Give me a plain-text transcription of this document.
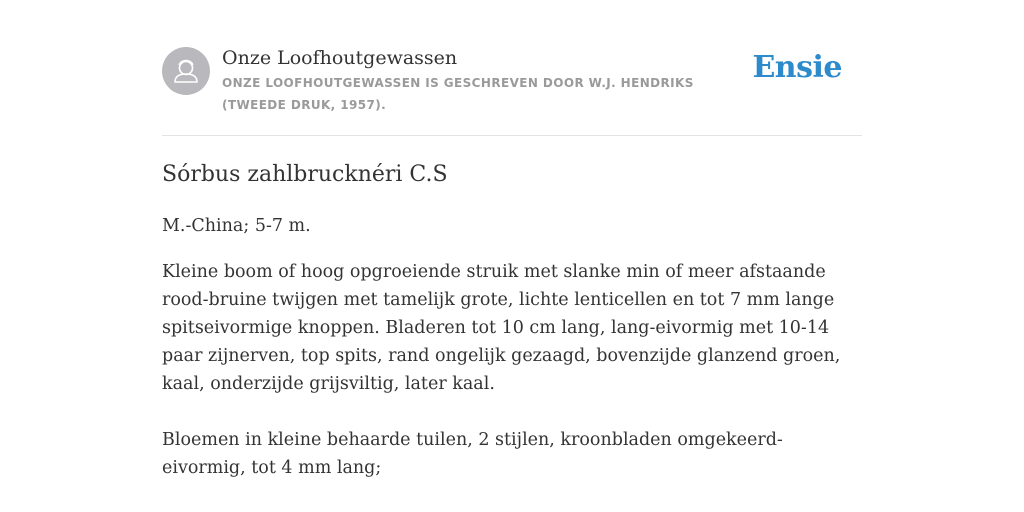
Onze Loofhoutgewassen
ONZE LOOFHOUTGEWASSEN IS GESCHREVEN DOOR W.J. HENDRIKS (TWEEDE DRUK, 1957).
Ensie
Sórbus zahlbrucknéri C.S
M.-China; 5-7 m.
Kleine boom of hoog opgroeiende struik met slanke min of meer afstaande rood-bruine twijgen met tamelijk grote, lichte lenticellen en tot 7 mm lange spitseivormige knoppen. Bladeren tot 10 cm lang, lang-eivormig met 10-14 paar zijnerven, top spits, rand ongelijk gezaagd, bovenzijde glanzend groen, kaal, onderzijde grijsviltig, later kaal.
Bloemen in kleine behaarde tuilen, 2 stijlen, kroonbladen omgekeerd-eivormig, tot 4 mm lang;
